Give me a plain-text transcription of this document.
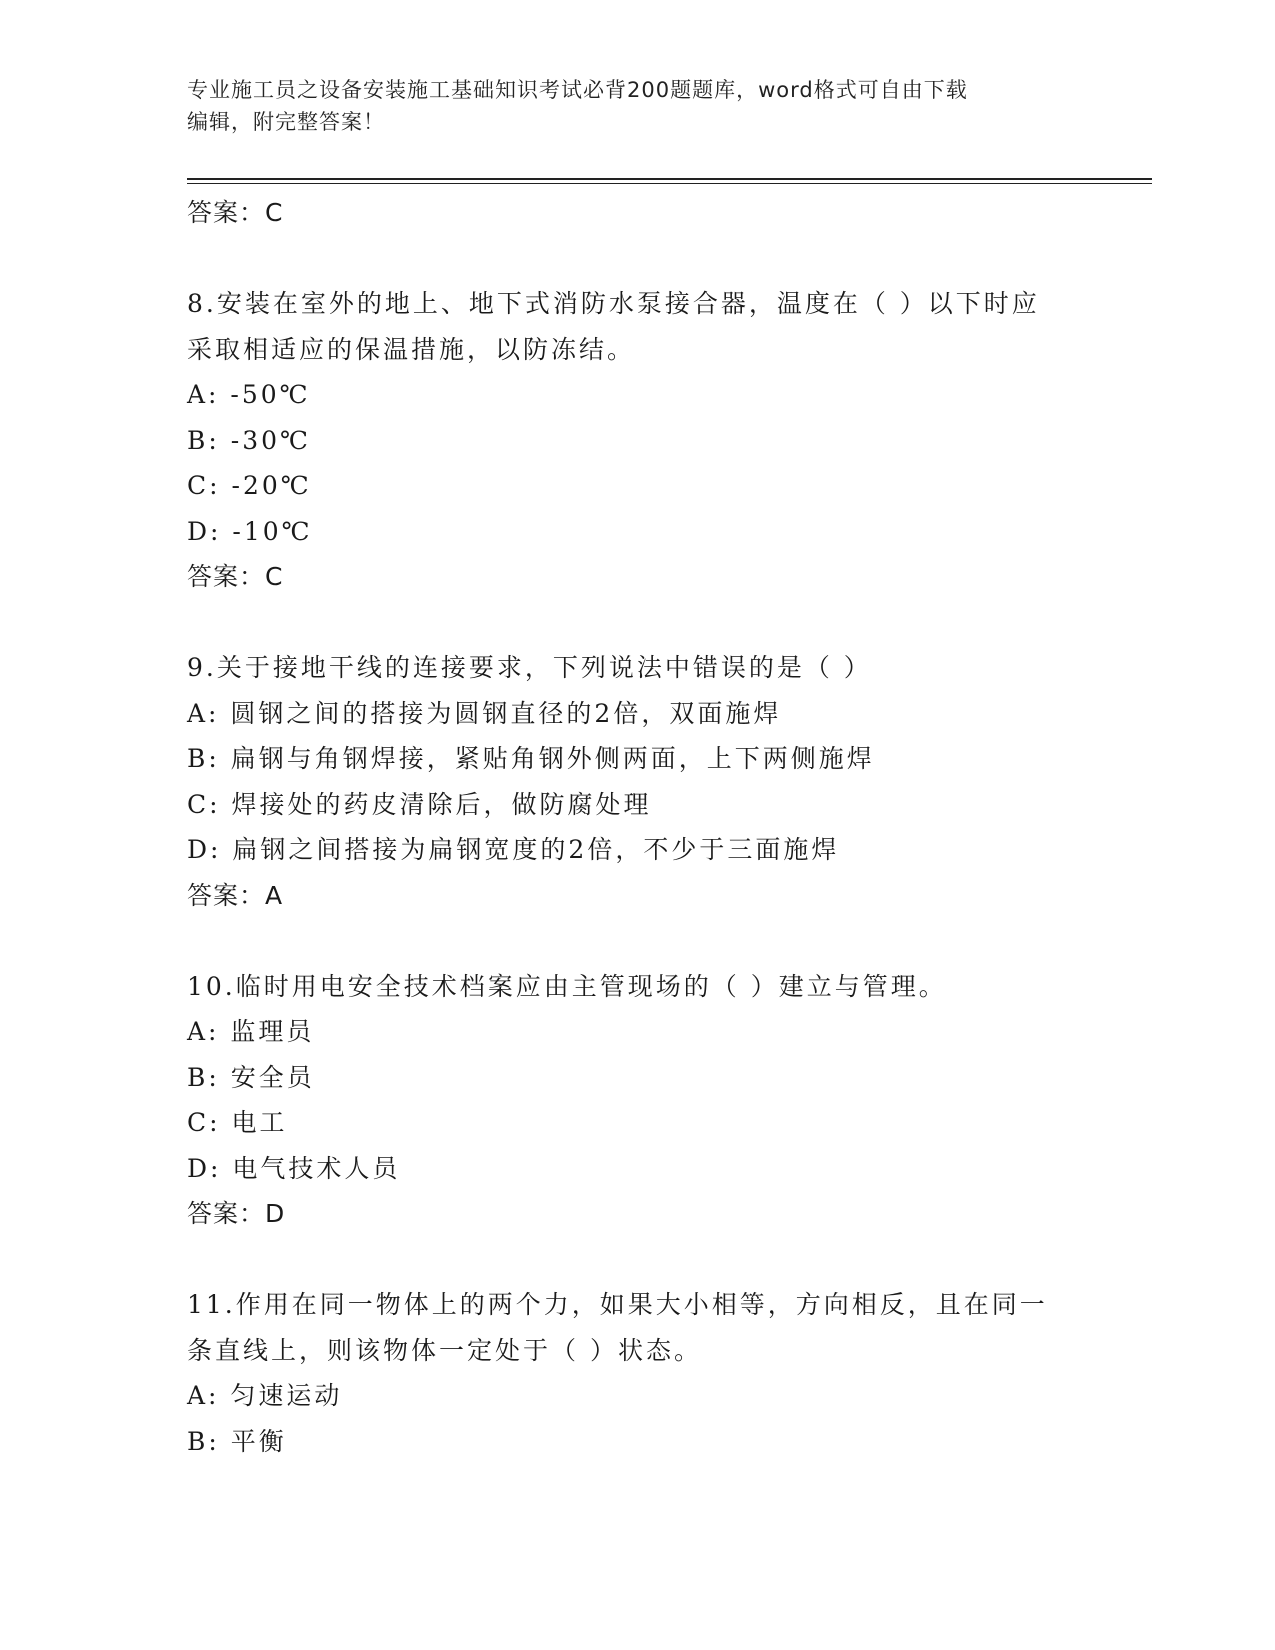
专业施工员之设备安装施工基础知识考试必背200题题库，word格式可自由下载
编辑，附完整答案！
答案：C
8.安装在室外的地上、地下式消防水泵接合器，温度在（ ）以下时应
采取相适应的保温措施，以防冻结。
A: -50℃
B: -30℃
C: -20℃
D: -10℃
答案：C
9.关于接地干线的连接要求，下列说法中错误的是（ ）
A: 圆钢之间的搭接为圆钢直径的2倍，双面施焊
B: 扁钢与角钢焊接，紧贴角钢外侧两面，上下两侧施焊
C: 焊接处的药皮清除后，做防腐处理
D: 扁钢之间搭接为扁钢宽度的2倍，不少于三面施焊
答案：A
10.临时用电安全技术档案应由主管现场的（ ）建立与管理。
A: 监理员
B: 安全员
C: 电工
D: 电气技术人员
答案：D
11.作用在同一物体上的两个力，如果大小相等，方向相反，且在同一
条直线上，则该物体一定处于（ ）状态。
A: 匀速运动
B: 平衡
